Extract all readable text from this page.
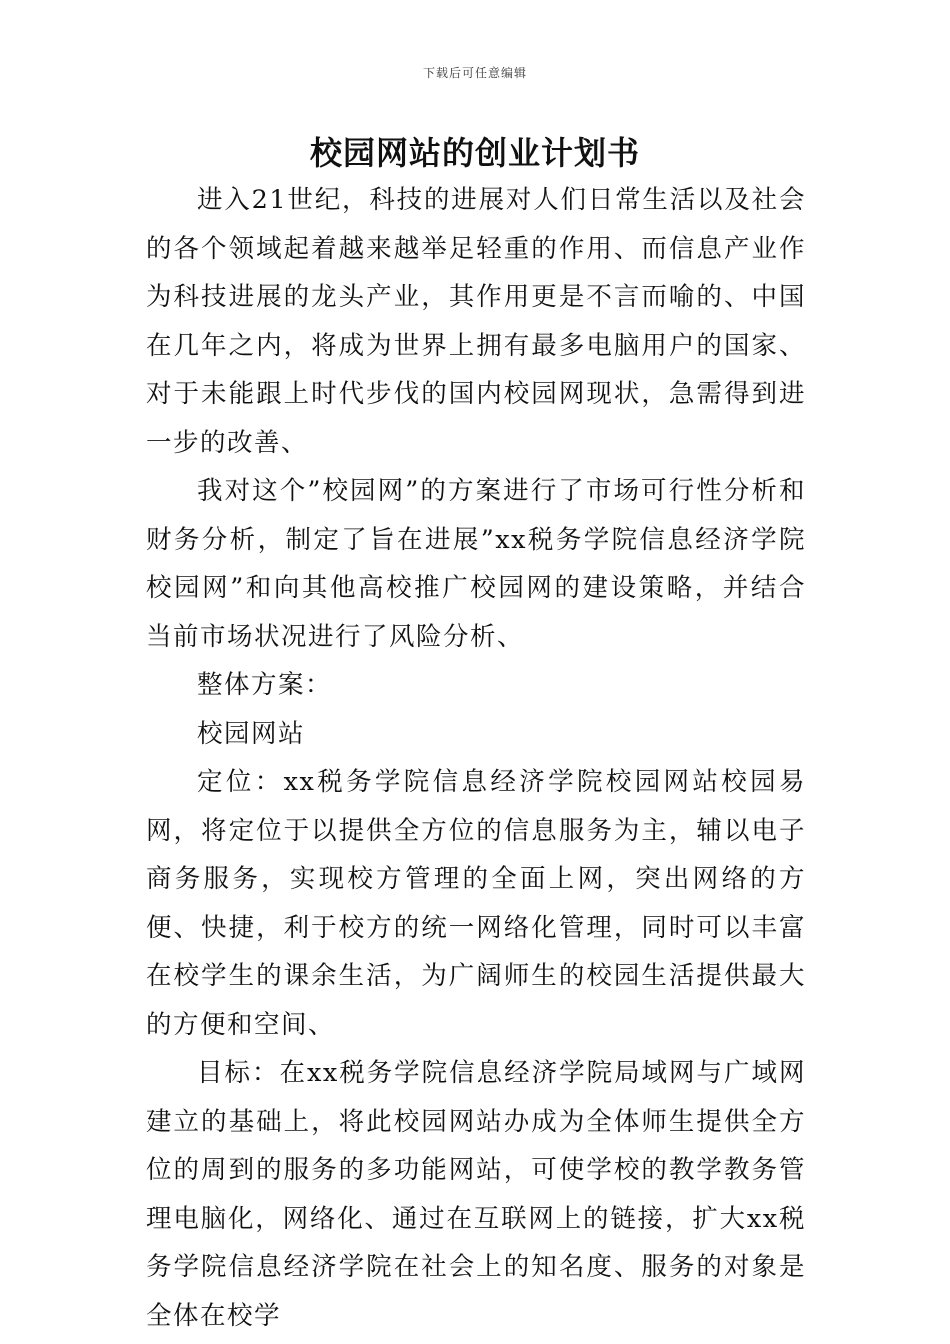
下载后可任意编辑
校园网站的创业计划书

进入21世纪，科技的进展对人们日常生活以及社会的各个领域起着越来越举足轻重的作用、而信息产业作为科技进展的龙头产业，其作用更是不言而喻的、中国在几年之内，将成为世界上拥有最多电脑用户的国家、对于未能跟上时代步伐的国内校园网现状，急需得到进一步的改善、

我对这个”校园网”的方案进行了市场可行性分析和财务分析，制定了旨在进展”xx税务学院信息经济学院校园网”和向其他高校推广校园网的建设策略，并结合当前市场状况进行了风险分析、

整体方案：

校园网站

定位：xx税务学院信息经济学院校园网站校园易网，将定位于以提供全方位的信息服务为主，辅以电子商务服务，实现校方管理的全面上网，突出网络的方便、快捷，利于校方的统一网络化管理，同时可以丰富在校学生的课余生活，为广阔师生的校园生活提供最大的方便和空间、

目标：在xx税务学院信息经济学院局域网与广域网建立的基础上，将此校园网站办成为全体师生提供全方位的周到的服务的多功能网站，可使学校的教学教务管理电脑化，网络化、通过在互联网上的链接，扩大xx税务学院信息经济学院在社会上的知名度、服务的对象是全体在校学
